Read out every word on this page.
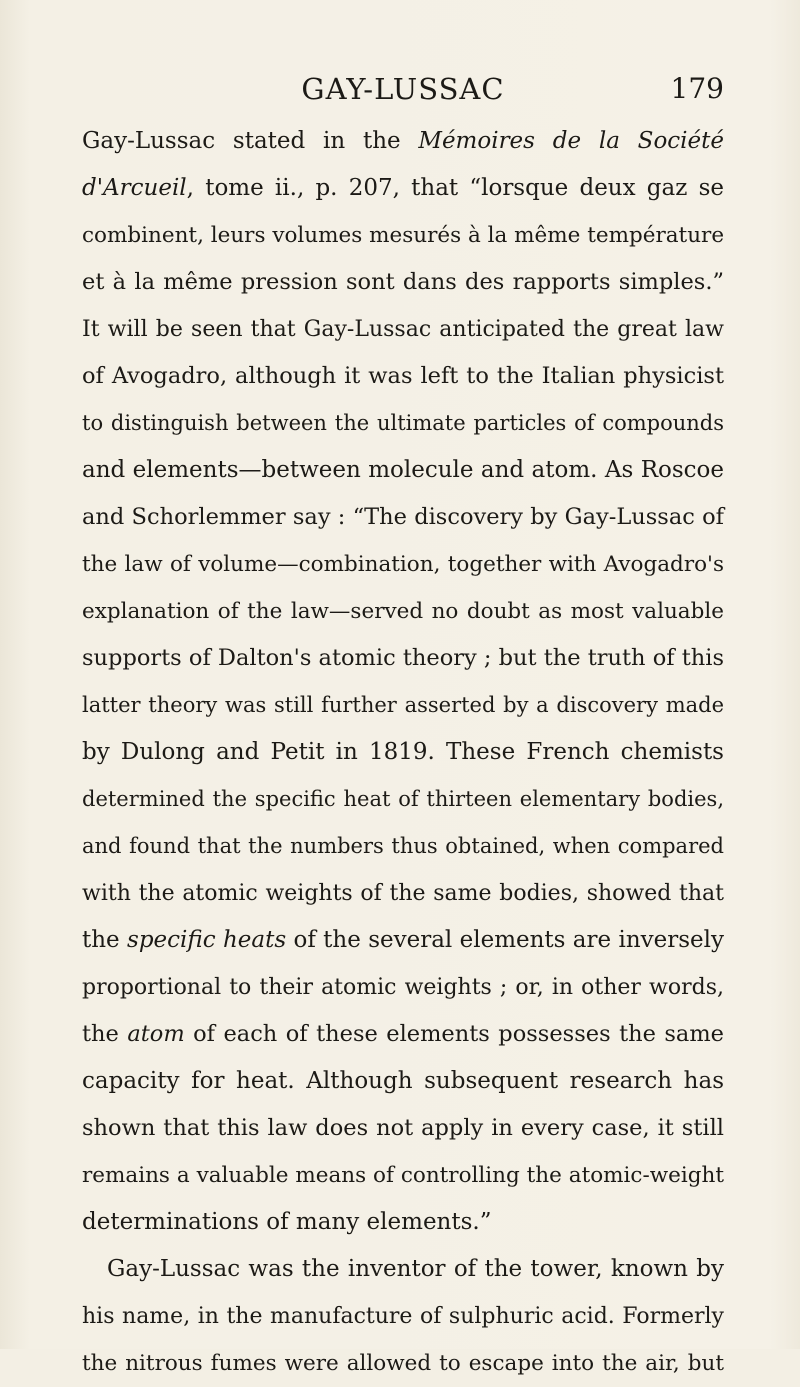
GAY-LUSSAC	179
Gay-Lussac stated in the Mémoires de la Société
d'Arcueil, tome ii., p. 207, that “lorsque deux gaz se
combinent, leurs volumes mesurés à la même température
et à la même pression sont dans des rapports simples.”
It will be seen that Gay-Lussac anticipated the great law
of Avogadro, although it was left to the Italian physicist
to distinguish between the ultimate particles of compounds
and elements—between molecule and atom. As Roscoe
and Schorlemmer say : “The discovery by Gay-Lussac of
the law of volume—combination, together with Avogadro's
explanation of the law—served no doubt as most valuable
supports of Dalton's atomic theory ; but the truth of this
latter theory was still further asserted by a discovery made
by Dulong and Petit in 1819. These French chemists
determined the specific heat of thirteen elementary bodies,
and found that the numbers thus obtained, when compared
with the atomic weights of the same bodies, showed that
the specific heats of the several elements are inversely
proportional to their atomic weights ; or, in other words,
the atom of each of these elements possesses the same
capacity for heat. Although subsequent research has
shown that this law does not apply in every case, it still
remains a valuable means of controlling the atomic-weight
determinations of many elements.”
Gay-Lussac was the inventor of the tower, known by
his name, in the manufacture of sulphuric acid. Formerly
the nitrous fumes were allowed to escape into the air, but
